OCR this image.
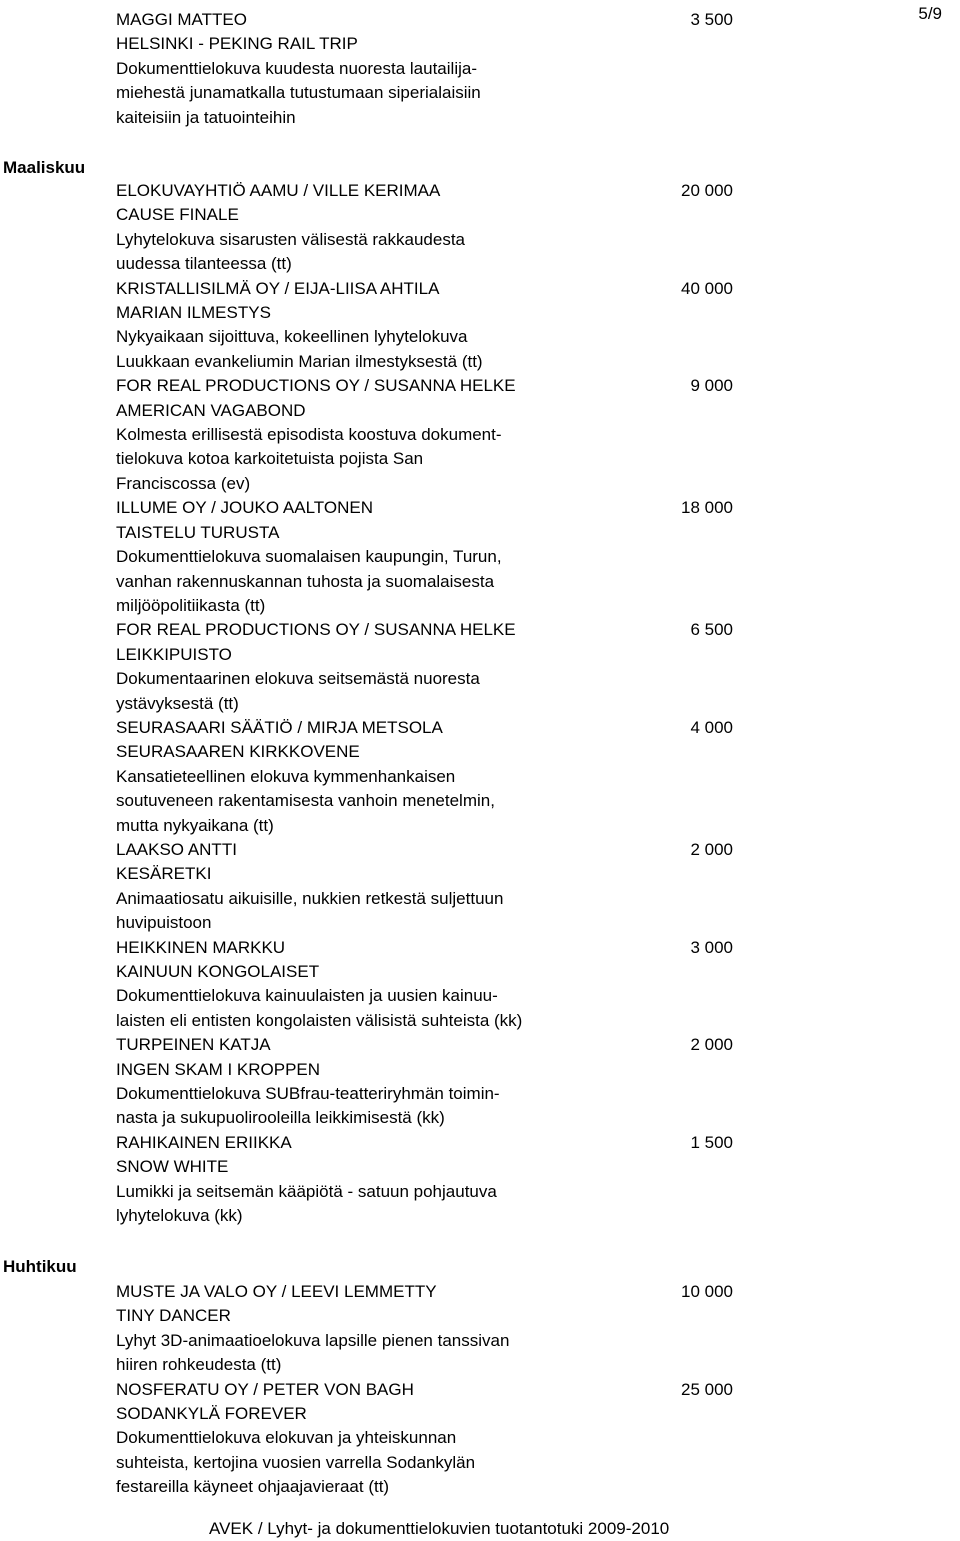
5/9
MAGGI MATTEO	3 500
HELSINKI - PEKING RAIL TRIP
Dokumenttielokuva kuudesta nuoresta lautailija-
miehestä junamatkalla tutustumaan siperialaisiin
kaiteisiin ja tatuointeihin
Maaliskuu
ELOKUVAYHTIÖ AAMU / VILLE KERIMAA	20 000
CAUSE FINALE
Lyhytelokuva sisarusten välisestä rakkaudesta
uudessa tilanteessa (tt)
KRISTALLISILMÄ OY / EIJA-LIISA AHTILA	40 000
MARIAN ILMESTYS
Nykyaikaan sijoittuva, kokeellinen lyhytelokuva
Luukkaan evankeliumin Marian ilmestyksestä (tt)
FOR REAL PRODUCTIONS OY / SUSANNA HELKE	9 000
AMERICAN VAGABOND
Kolmesta erillisestä episodista koostuva dokument-
tielokuva kotoa karkoitetuista pojista San
Franciscossa (ev)
ILLUME OY / JOUKO AALTONEN	18 000
TAISTELU TURUSTA
Dokumenttielokuva suomalaisen kaupungin, Turun,
vanhan rakennuskannan tuhosta ja suomalaisesta
miljööpolitiikasta (tt)
FOR REAL PRODUCTIONS OY / SUSANNA HELKE	6 500
LEIKKIPUISTO
Dokumentaarinen elokuva seitsemästä nuoresta
ystävyksestä (tt)
SEURASAARI SÄÄTIÖ / MIRJA METSOLA	4 000
SEURASAAREN KIRKKOVENE
Kansatieteellinen elokuva kymmenhankaisen
soutuveneen rakentamisesta vanhoin menetelmin,
mutta nykyaikana (tt)
LAAKSO ANTTI	2 000
KESÄRETKI
Animaatiosatu aikuisille, nukkien retkestä suljettuun
huvipuistoon
HEIKKINEN MARKKU	3 000
KAINUUN KONGOLAISET
Dokumenttielokuva kainuulaisten ja uusien kainuu-
laisten eli entisten kongolaisten välisistä suhteista (kk)
TURPEINEN KATJA	2 000
INGEN SKAM I KROPPEN
Dokumenttielokuva SUBfrau-teatteriryhmän toimin-
nasta ja sukupuolirooleilla leikkimisestä (kk)
RAHIKAINEN ERIIKKA	1 500
SNOW WHITE
Lumikki ja seitsemän kääpiötä - satuun pohjautuva
lyhytelokuva (kk)
Huhtikuu
MUSTE JA VALO OY / LEEVI LEMMETTY	10 000
TINY DANCER
Lyhyt 3D-animaatioelokuva lapsille pienen tanssivan
hiiren rohkeudesta (tt)
NOSFERATU OY / PETER VON BAGH	25 000
SODANKYLÄ FOREVER
Dokumenttielokuva elokuvan ja yhteiskunnan
suhteista, kertojina vuosien varrella Sodankylän
festareilla käyneet ohjaajavieraat (tt)
AVEK / Lyhyt- ja dokumenttielokuvien tuotantotuki 2009-2010
